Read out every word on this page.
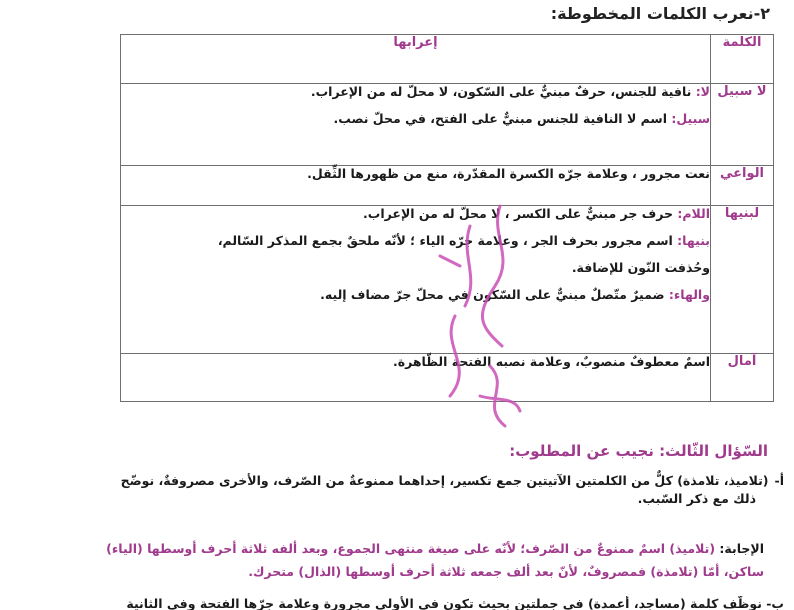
٢-نعرب الكلمات المخطوطة:
الكلمة	إعرابها
لا سبيل	لا: نافية للجنس، حرفٌ مبنيٌّ على السّكون، لا محلّ له من الإعراب.
سبيل: اسم لا النافية للجنس مبنيٌّ على الفتح، في محلّ نصب.

الواعي	نعت مجرور ، وعلامة جرّه الكسرة المقدّرة، منع من ظهورها الثِّقل.

لبنيها	اللام: حرف جر مبنيٌّ على الكسر ، لا محلّ له من الإعراب.
بنيها: اسم مجرور بحرف الجر ، وعلامة جرّه الياء ؛ لأنّه ملحقٌ بجمع المذكر السّالم،
وحُذفت النّون للإضافة.
والهاء: ضميرٌ متّصلٌ مبنيٌّ على السّكون في محلّ جرّ مضاف إليه.

آمال	اسمٌ معطوفٌ منصوبٌ، وعلامة نصبه الفتحة الظّاهرة.
السّؤال الثّالث: نجيب عن المطلوب:
أ-(تلاميذ، تلامذة) كلٌّ من الكلمتين الآتيتين جمع تكسير، إحداهما ممنوعةٌ من الصّرف، والأخرى مصروفةٌ، نوضّح
ذلك مع ذكر السّبب.
الإجابة: (تلاميذ) اسمٌ ممنوعٌ من الصّرف؛ لأنّه على صيغة منتهى الجموع، وبعد ألفه ثلاثة أحرف أوسطها (الياء)
ساكن، أمّا (تلامذة) فمصروفٌ، لأنّ بعد ألف جمعه ثلاثة أحرف أوسطها (الذال) متحرك.
ب- نوظّف كلمة (مساجد، أعمدة) في جملتين بحيث تكون في الأولى مجرورة وعلامة جرّها الفتحة وفي الثانية
